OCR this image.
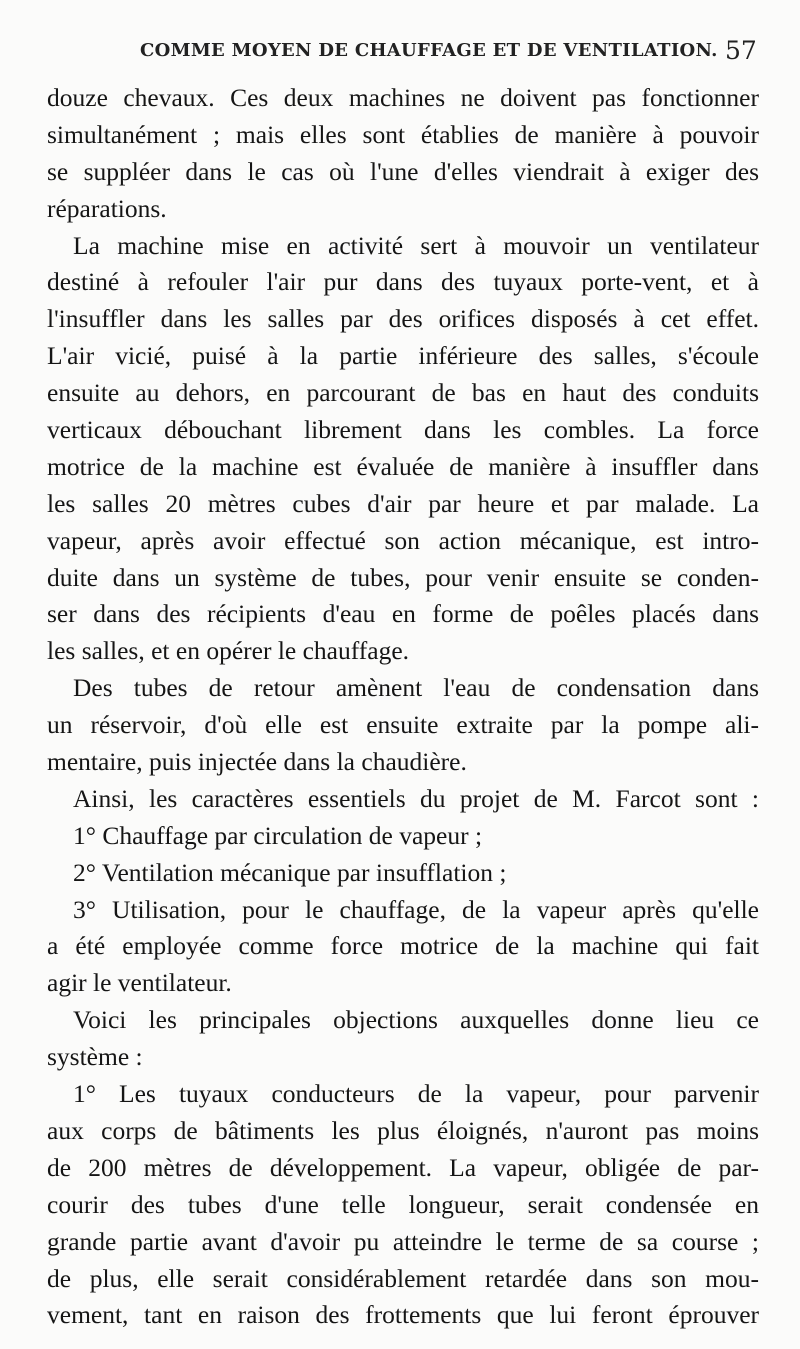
COMME MOYEN DE CHAUFFAGE ET DE VENTILATION. 57
douze chevaux. Ces deux machines ne doivent pas fonctionner
simultanément ; mais elles sont établies de manière à pouvoir
se suppléer dans le cas où l'une d'elles viendrait à exiger des
réparations.
La machine mise en activité sert à mouvoir un ventilateur
destiné à refouler l'air pur dans des tuyaux porte-vent, et à
l'insuffler dans les salles par des orifices disposés à cet effet.
L'air vicié, puisé à la partie inférieure des salles, s'écoule
ensuite au dehors, en parcourant de bas en haut des conduits
verticaux débouchant librement dans les combles. La force
motrice de la machine est évaluée de manière à insuffler dans
les salles 20 mètres cubes d'air par heure et par malade. La
vapeur, après avoir effectué son action mécanique, est intro-
duite dans un système de tubes, pour venir ensuite se conden-
ser dans des récipients d'eau en forme de poêles placés dans
les salles, et en opérer le chauffage.
Des tubes de retour amènent l'eau de condensation dans
un réservoir, d'où elle est ensuite extraite par la pompe ali-
mentaire, puis injectée dans la chaudière.
Ainsi, les caractères essentiels du projet de M. Farcot sont :
1° Chauffage par circulation de vapeur ;
2° Ventilation mécanique par insufflation ;
3° Utilisation, pour le chauffage, de la vapeur après qu'elle
a été employée comme force motrice de la machine qui fait
agir le ventilateur.
Voici les principales objections auxquelles donne lieu ce
système :
1° Les tuyaux conducteurs de la vapeur, pour parvenir
aux corps de bâtiments les plus éloignés, n'auront pas moins
de 200 mètres de développement. La vapeur, obligée de par-
courir des tubes d'une telle longueur, serait condensée en
grande partie avant d'avoir pu atteindre le terme de sa course ;
de plus, elle serait considérablement retardée dans son mou-
vement, tant en raison des frottements que lui feront éprouver
